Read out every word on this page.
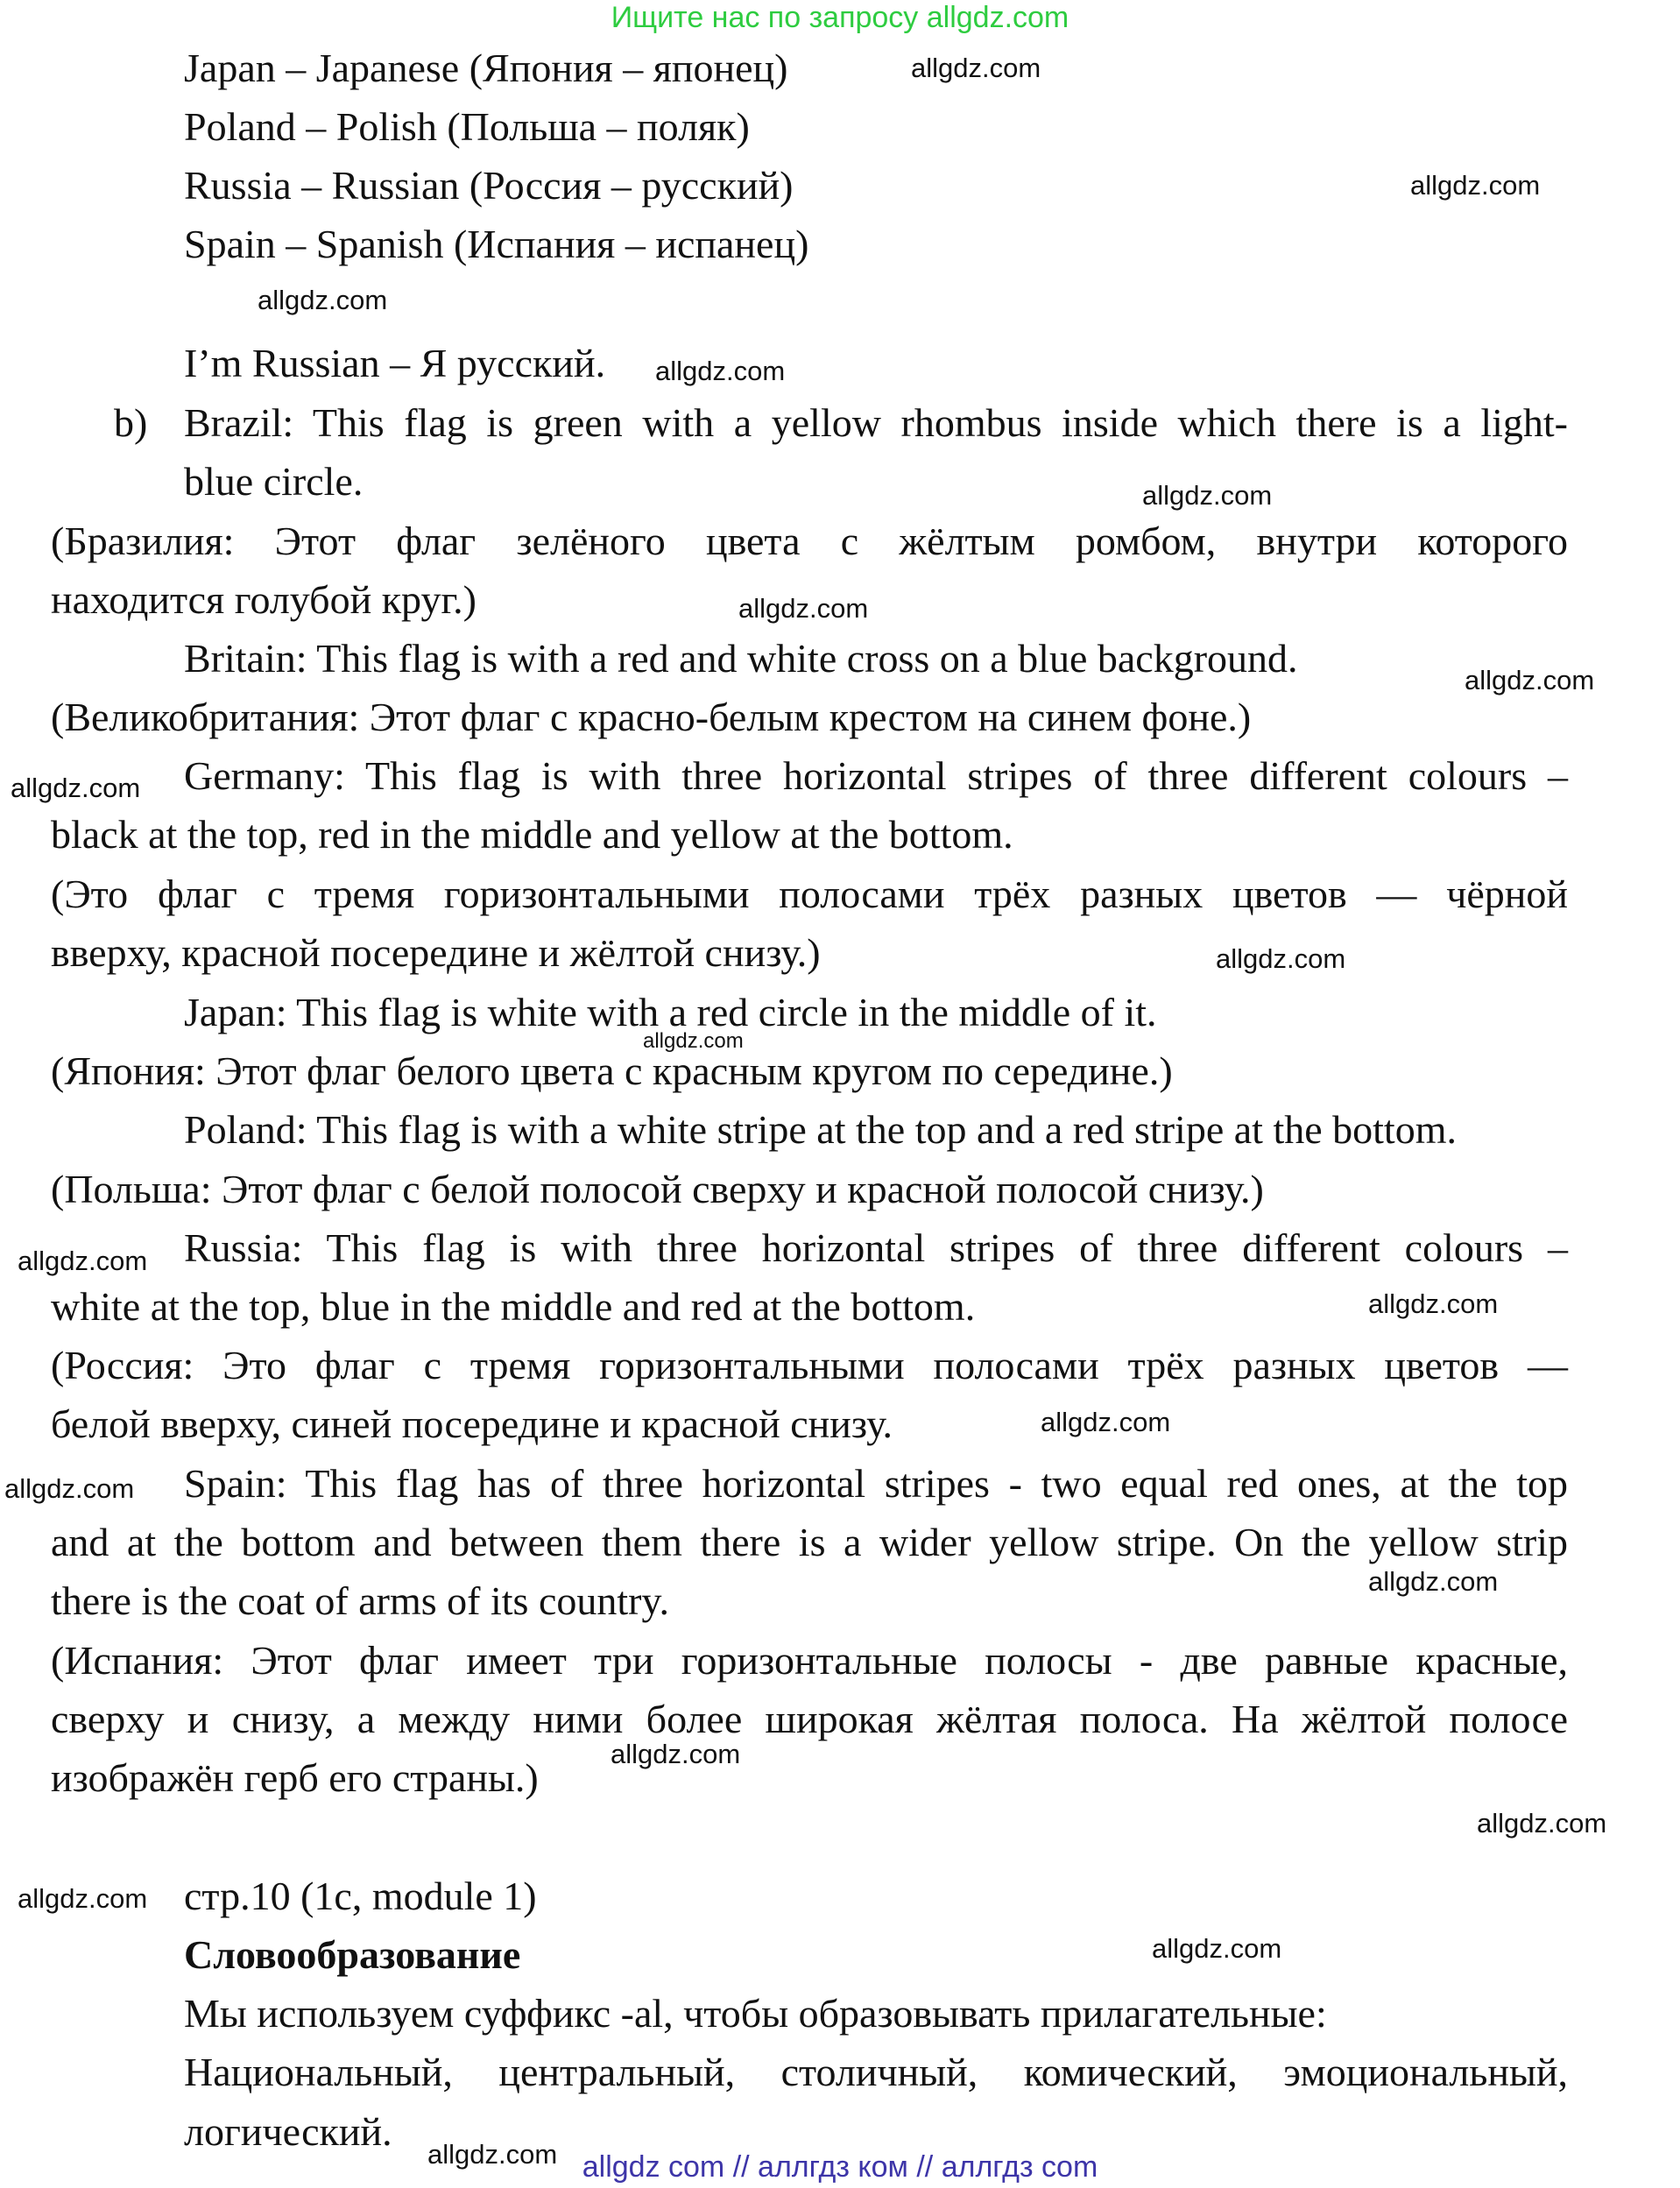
Ищите нас по запросу allgdz.com
Japan – Japanese (Япония – японец)
Poland – Polish (Польша – поляк)
Russia – Russian (Россия – русский)
Spain – Spanish (Испания – испанец)
I’m Russian – Я русский.
b) Brazil: This flag is green with a yellow rhombus inside which there is a light-
blue circle.
(Бразилия: Этот флаг зелёного цвета с жёлтым ромбом, внутри которого
находится голубой круг.)
Britain: This flag is with a red and white cross on a blue background.
(Великобритания: Этот флаг с красно-белым крестом на синем фоне.)
Germany: This flag is with three horizontal stripes of three different colours –
black at the top, red in the middle and yellow at the bottom.
(Это флаг с тремя горизонтальными полосами трёх разных цветов — чёрной
вверху, красной посередине и жёлтой снизу.)
Japan: This flag is white with a red circle in the middle of it.
(Япония: Этот флаг белого цвета с красным кругом по середине.)
Poland: This flag is with a white stripe at the top and a red stripe at the bottom.
(Польша: Этот флаг с белой полосой сверху и красной полосой снизу.)
Russia: This flag is with three horizontal stripes of three different colours –
white at the top, blue in the middle and red at the bottom.
(Россия: Это флаг с тремя горизонтальными полосами трёх разных цветов —
белой вверху, синей посередине и красной снизу.
Spain: This flag has of three horizontal stripes - two equal red ones, at the top
and at the bottom and between them there is a wider yellow stripe. On the yellow strip
there is the coat of arms of its country.
(Испания: Этот флаг имеет три горизонтальные полосы - две равные красные,
сверху и снизу, а между ними более широкая жёлтая полоса. На жёлтой полосе
изображён герб его страны.)
стр.10 (1c, module 1)
Словообразование
Мы используем суффикс -al, чтобы образовывать прилагательные:
Национальный, центральный, столичный, комический, эмоциональный,
логический.
allgdz.com
allgdz.com
allgdz.com
allgdz.com
allgdz.com
allgdz.com
allgdz.com
allgdz.com
allgdz.com
allgdz.com
allgdz.com
allgdz.com
allgdz.com
allgdz.com
allgdz.com
allgdz.com
allgdz.com
allgdz.com
allgdz.com
allgdz.com allgdz com // аллгдз ком // аллгдз com
